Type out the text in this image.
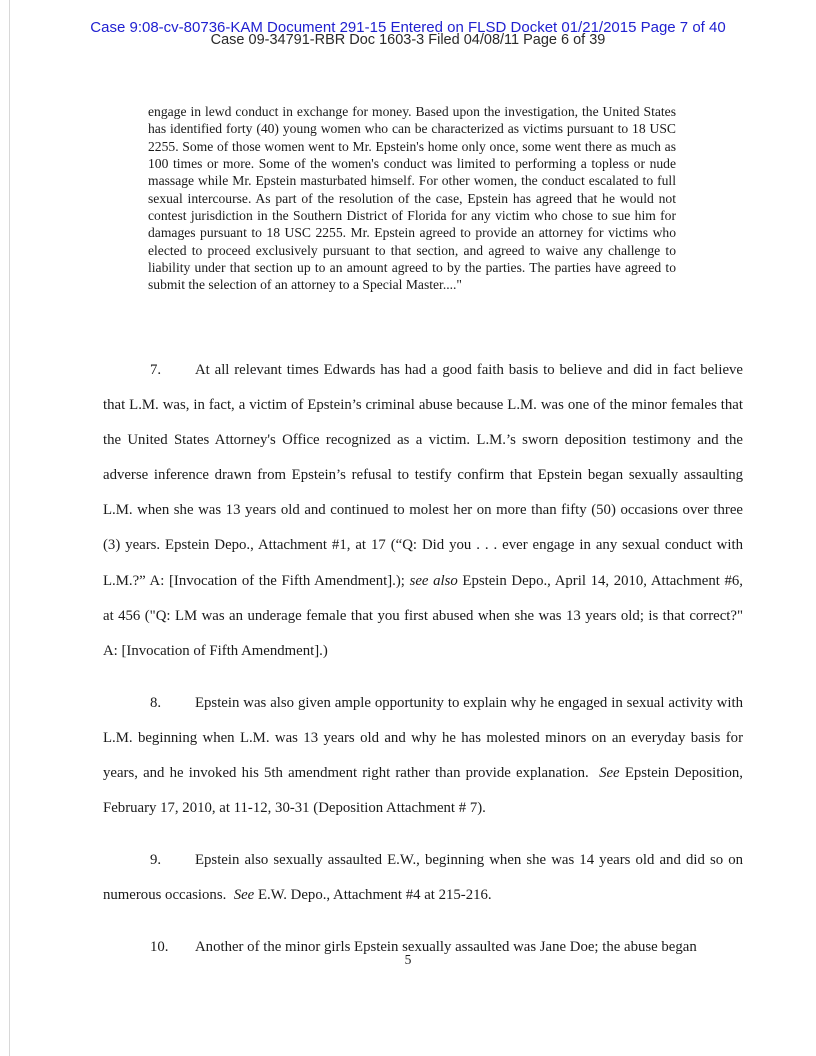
Case 9:08-cv-80736-KAM Document 291-15 Entered on FLSD Docket 01/21/2015 Page 7 of 40
Case 09-34791-RBR Doc 1603-3 Filed 04/08/11 Page 6 of 39
engage in lewd conduct in exchange for money. Based upon the investigation, the United States has identified forty (40) young women who can be characterized as victims pursuant to 18 USC 2255. Some of those women went to Mr. Epstein's home only once, some went there as much as 100 times or more. Some of the women's conduct was limited to performing a topless or nude massage while Mr. Epstein masturbated himself. For other women, the conduct escalated to full sexual intercourse. As part of the resolution of the case, Epstein has agreed that he would not contest jurisdiction in the Southern District of Florida for any victim who chose to sue him for damages pursuant to 18 USC 2255. Mr. Epstein agreed to provide an attorney for victims who elected to proceed exclusively pursuant to that section, and agreed to waive any challenge to liability under that section up to an amount agreed to by the parties. The parties have agreed to submit the selection of an attorney to a Special Master...."

7. At all relevant times Edwards has had a good faith basis to believe and did in fact believe that L.M. was, in fact, a victim of Epstein’s criminal abuse because L.M. was one of the minor females that the United States Attorney's Office recognized as a victim. L.M.’s sworn deposition testimony and the adverse inference drawn from Epstein’s refusal to testify confirm that Epstein began sexually assaulting L.M. when she was 13 years old and continued to molest her on more than fifty (50) occasions over three (3) years. Epstein Depo., Attachment #1, at 17 (“Q: Did you . . . ever engage in any sexual conduct with L.M.?” A: [Invocation of the Fifth Amendment].); see also Epstein Depo., April 14, 2010, Attachment #6, at 456 ("Q: LM was an underage female that you first abused when she was 13 years old; is that correct?" A: [Invocation of Fifth Amendment].)

8. Epstein was also given ample opportunity to explain why he engaged in sexual activity with L.M. beginning when L.M. was 13 years old and why he has molested minors on an everyday basis for years, and he invoked his 5th amendment right rather than provide explanation. See Epstein Deposition, February 17, 2010, at 11-12, 30-31 (Deposition Attachment # 7).

9. Epstein also sexually assaulted E.W., beginning when she was 14 years old and did so on numerous occasions. See E.W. Depo., Attachment #4 at 215-216.

10. Another of the minor girls Epstein sexually assaulted was Jane Doe; the abuse began

5
